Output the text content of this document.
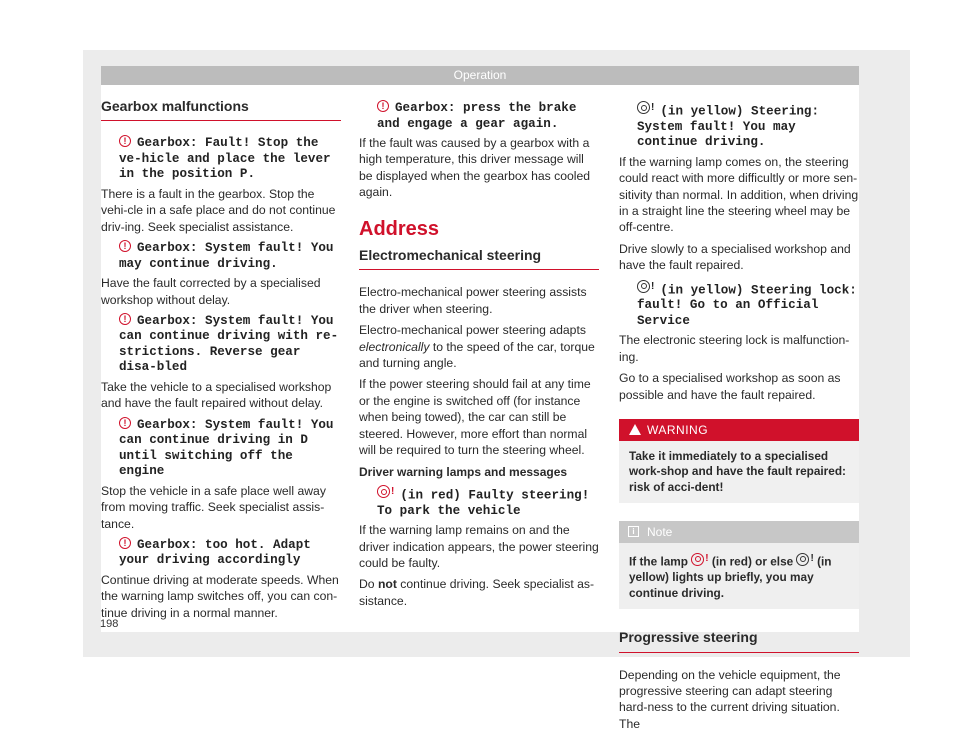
Operation
Gearbox malfunctions
!Gearbox: Fault! Stop the ve-hicle and place the lever in the position P.

There is a fault in the gearbox. Stop the vehi-cle in a safe place and do not continue driv-ing. Seek specialist assistance.

!Gearbox: System fault! You may continue driving.

Have the fault corrected by a specialised workshop without delay.

!Gearbox: System fault! You can continue driving with re-strictions. Reverse gear disa-bled

Take the vehicle to a specialised workshop and have the fault repaired without delay.

!Gearbox: System fault! You can continue driving in D until switching off the engine

Stop the vehicle in a safe place well away from moving traffic. Seek specialist assis-tance.

!Gearbox: too hot. Adapt your driving accordingly

Continue driving at moderate speeds. When the warning lamp switches off, you can con-tinue driving in a normal manner.

!Gearbox: press the brake and engage a gear again.

If the fault was caused by a gearbox with a high temperature, this driver message will be displayed when the gearbox has cooled again.

Address
Electromechanical steering

Electro-mechanical power steering assists the driver when steering.

Electro-mechanical power steering adapts electronically to the speed of the car, torque and turning angle.

If the power steering should fail at any time or the engine is switched off (for instance when being towed), the car can still be steered. However, more effort than normal will be required to turn the steering wheel.

Driver warning lamps and messages
! (in red) Faulty steering! To park the vehicle

If the warning lamp remains on and the driver indication appears, the power steering could be faulty.

Do not continue driving. Seek specialist as-sistance.

! (in yellow) Steering: System fault! You may continue driving.

If the warning lamp comes on, the steering could react with more difficultly or more sen-sitivity than normal. In addition, when driving in a straight line the steering wheel may be off-centre.

Drive slowly to a specialised workshop and have the fault repaired.

! (in yellow) Steering lock: fault! Go to an Official Service

The electronic steering lock is malfunction-ing.

Go to a specialised workshop as soon as possible and have the fault repaired.

WARNING
Take it immediately to a specialised work-shop and have the fault repaired: risk of acci-dent!
i	Note
If the lamp ! (in red) or else ! (in yellow) lights up briefly, you may continue driving.
Progressive steering

Depending on the vehicle equipment, the progressive steering can adapt steering hard-ness to the current driving situation. The

198
